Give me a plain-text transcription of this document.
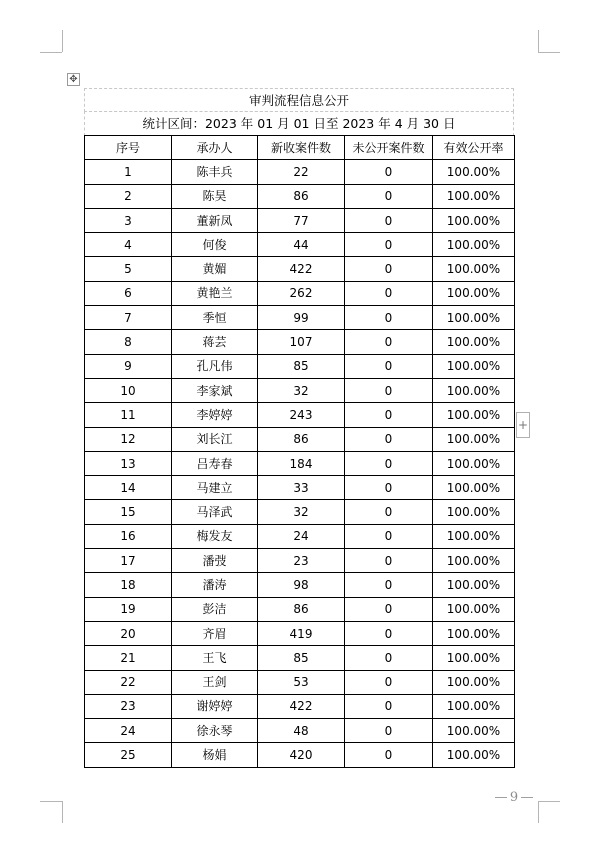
✥
+
审判流程信息公开
统计区间：2023 年 01 月 01 日至 2023 年 4 月 30 日
序号	承办人	新收案件数	未公开案件数	有效公开率
1	陈丰兵	22	0	100.00%
2	陈昊	86	0	100.00%
3	董新凤	77	0	100.00%
4	何俊	44	0	100.00%
5	黄媚	422	0	100.00%
6	黄艳兰	262	0	100.00%
7	季恒	99	0	100.00%
8	蒋芸	107	0	100.00%
9	孔凡伟	85	0	100.00%
10	李家斌	32	0	100.00%
11	李婷婷	243	0	100.00%
12	刘长江	86	0	100.00%
13	吕寿春	184	0	100.00%
14	马建立	33	0	100.00%
15	马泽武	32	0	100.00%
16	梅发友	24	0	100.00%
17	潘弢	23	0	100.00%
18	潘涛	98	0	100.00%
19	彭洁	86	0	100.00%
20	齐眉	419	0	100.00%
21	王飞	85	0	100.00%
22	王剑	53	0	100.00%
23	谢婷婷	422	0	100.00%
24	徐永琴	48	0	100.00%
25	杨娟	420	0	100.00%
9
